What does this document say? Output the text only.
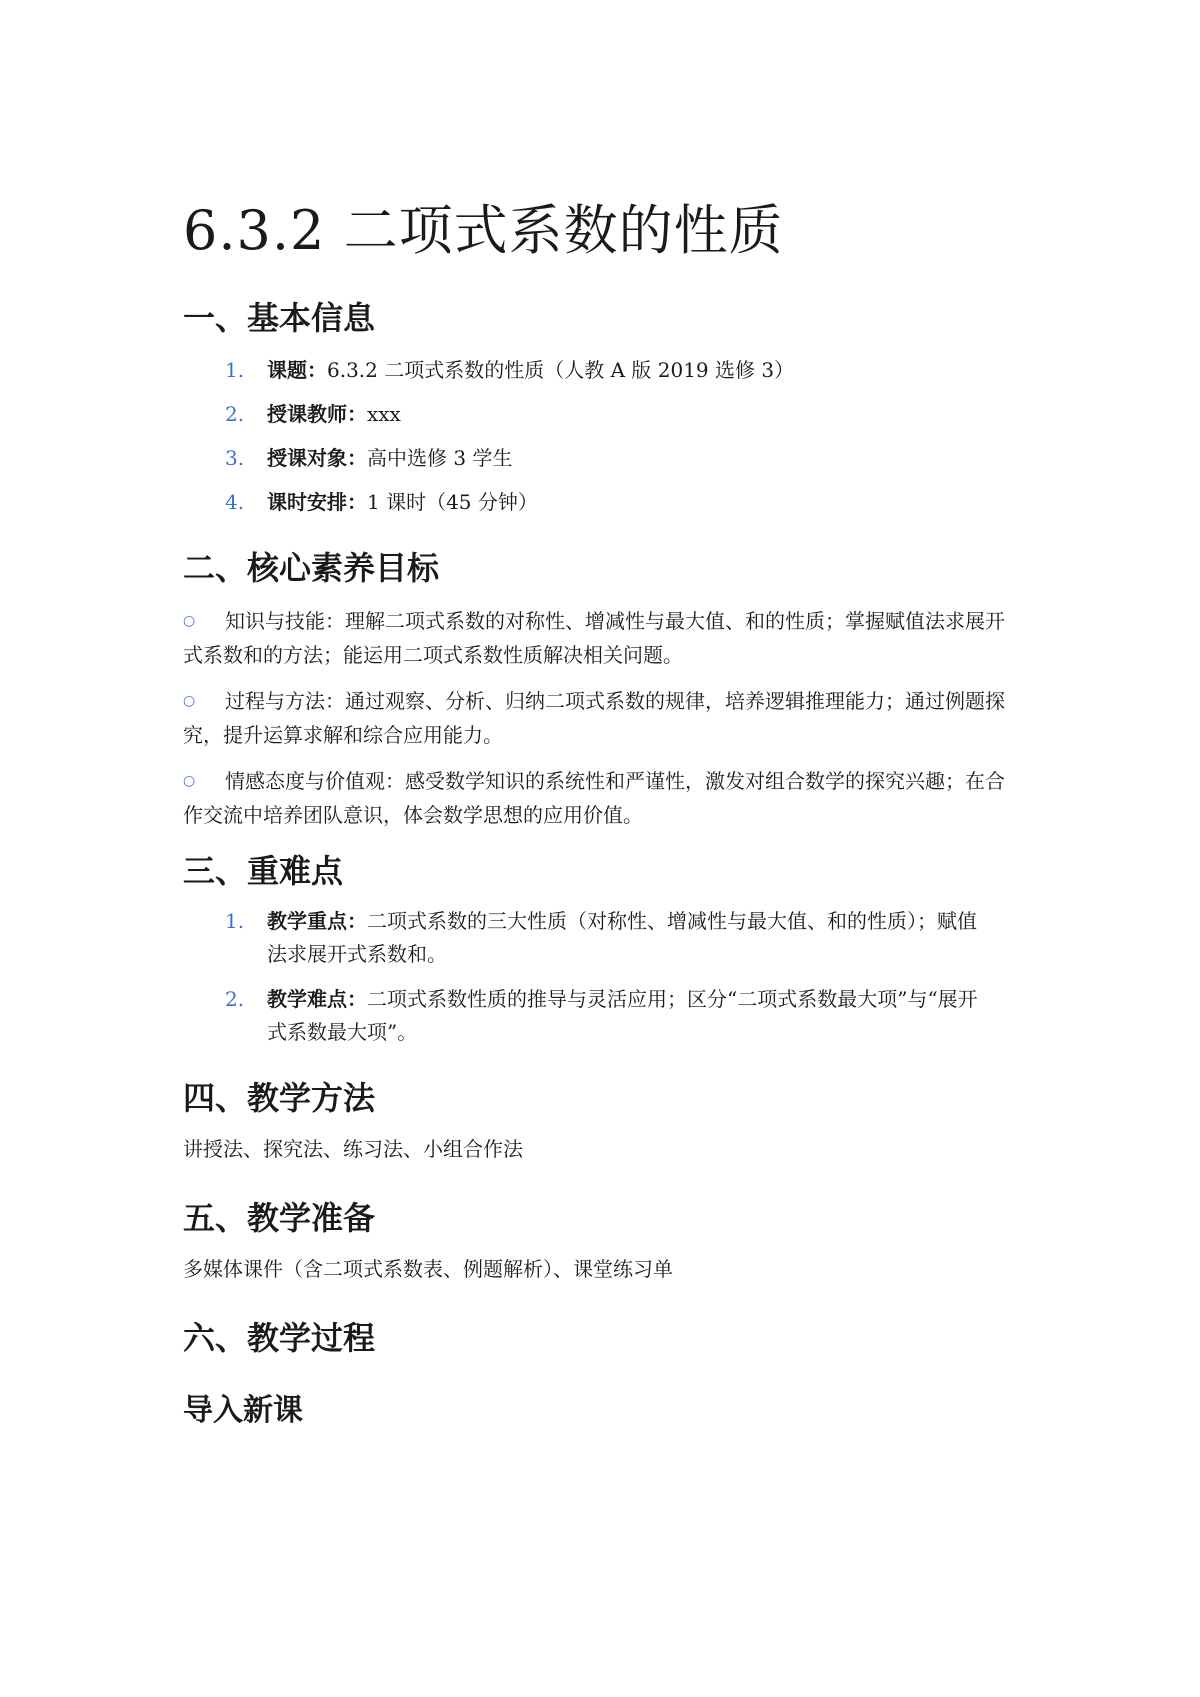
6.3.2 二项式系数的性质
一、基本信息
1.	课题：6.3.2 二项式系数的性质（人教 A 版 2019 选修 3）
2.	授课教师：xxx
3.	授课对象：高中选修 3 学生
4.	课时安排：1 课时（45 分钟）
二、核心素养目标
○ 知识与技能：理解二项式系数的对称性、增减性与最大值、和的性质；掌握赋值法求展开式系数和的方法；能运用二项式系数性质解决相关问题。
○ 过程与方法：通过观察、分析、归纳二项式系数的规律，培养逻辑推理能力；通过例题探究，提升运算求解和综合应用能力。
○ 情感态度与价值观：感受数学知识的系统性和严谨性，激发对组合数学的探究兴趣；在合作交流中培养团队意识，体会数学思想的应用价值。
三、重难点
1.	教学重点：二项式系数的三大性质（对称性、增减性与最大值、和的性质）；赋值法求展开式系数和。
2.	教学难点：二项式系数性质的推导与灵活应用；区分“二项式系数最大项”与“展开式系数最大项”。
四、教学方法
讲授法、探究法、练习法、小组合作法
五、教学准备
多媒体课件（含二项式系数表、例题解析）、课堂练习单
六、教学过程
导入新课
